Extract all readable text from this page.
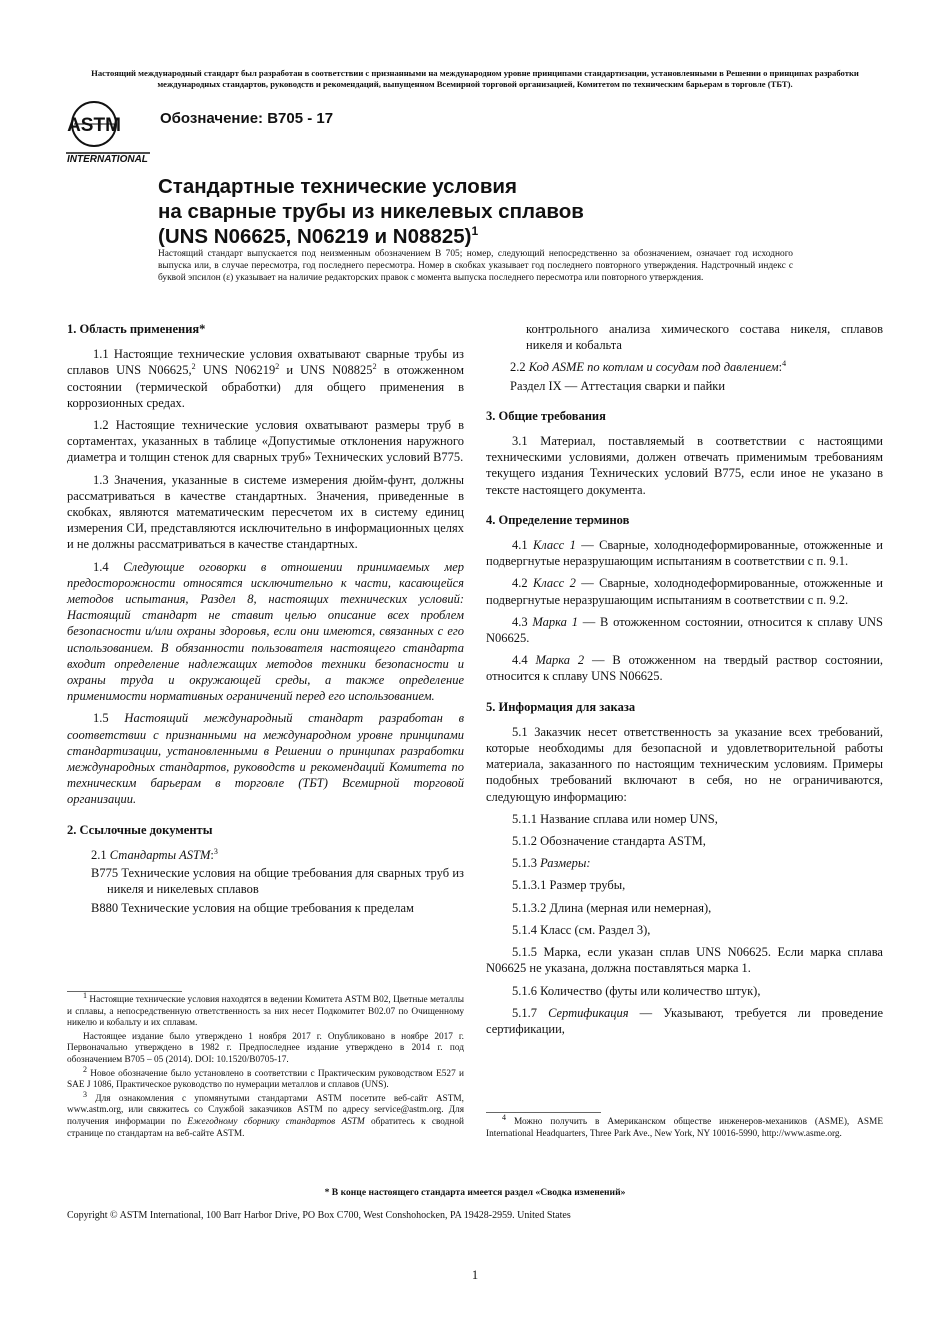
Настоящий международный стандарт был разработан в соответствии с признанными на международном уровне принципами стандартизации, установленными в Решении о принципах разработки международных стандартов, руководств и рекомендаций, выпущенном Всемирной торговой организацией, Комитетом по техническим барьерам в торговле (ТБТ).
ASTM
INTERNATIONAL
Обозначение: B705 - 17
Стандартные технические условия
на сварные трубы из никелевых сплавов
(UNS N06625, N06219 и N08825)$^1$
Настоящий стандарт выпускается под неизменным обозначением B 705; номер, следующий непосредственно за обозначением, означает год исходного выпуска или, в случае пересмотра, год последнего пересмотра. Номер в скобках указывает год последнего повторного утверждения. Надстрочный индекс с буквой эпсилон (ε) указывает на наличие редакторских правок с момента выпуска последнего пересмотра или повторного утверждения.
1. Область применения*

1.1 Настоящие технические условия охватывают сварные трубы из сплавов UNS N06625,$^2$ UNS N06219$^2$ и UNS N08825$^2$ в отожженном состоянии (термической обработки) для общего применения в коррозионных средах.

1.2 Настоящие технические условия охватывают размеры труб в сортаментах, указанных в таблице «Допустимые отклонения наружного диаметра и толщин стенок для сварных труб» Технических условий B775.

1.3 Значения, указанные в системе измерения дюйм-фунт, должны рассматриваться в качестве стандартных. Значения, приведенные в скобках, являются математическим пересчетом их в систему единиц измерения СИ, представляются исключительно в информационных целях и не должны рассматриваться в качестве стандартных.

1.4 Следующие оговорки в отношении принимаемых мер предосторожности относятся исключительно к части, касающейся методов испытания, Раздел 8, настоящих технических условий: Настоящий стандарт не ставит целью описание всех проблем безопасности и/или охраны здоровья, если они имеются, связанных с его использованием. В обязанности пользователя настоящего стандарта входит определение надлежащих методов техники безопасности и охраны труда и окружающей среды, а также определение применимости нормативных ограничений перед его использованием.

1.5 Настоящий международный стандарт разработан в соответствии с признанными на международном уровне принципами стандартизации, установленными в Решении о принципах разработки международных стандартов, руководств и рекомендаций Комитета по техническим барьерам в торговле (ТБТ) Всемирной торговой организации.

2. Ссылочные документы

2.1 Стандарты ASTM:$^3$

B775 Технические условия на общие требования для сварных труб из никеля и никелевых сплавов

B880 Технические условия на общие требования к пределам

$^1$ Настоящие технические условия находятся в ведении Комитета ASTM B02, Цветные металлы и сплавы, а непосредственную ответственность за них несет Подкомитет B02.07 по Очищенному никелю и кобальту и их сплавам.

Настоящее издание было утверждено 1 ноября 2017 г. Опубликовано в ноябре 2017 г. Первоначально утверждено в 1982 г. Предпоследнее издание утверждено в 2014 г. под обозначением B705 – 05 (2014). DOI: 10.1520/B0705-17.

$^2$ Новое обозначение было установлено в соответствии с Практическим руководством E527 и SAE J 1086, Практическое руководство по нумерации металлов и сплавов (UNS).

$^3$ Для ознакомления с упомянутыми стандартами ASTM посетите веб-сайт ASTM, www.astm.org, или свяжитесь со Службой заказчиков ASTM по адресу service@astm.org. Для получения информации по Ежегодному сборнику стандартов ASTM обратитесь к сводной странице по стандартам на веб-сайте ASTM.

контрольного анализа химического состава никеля, сплавов никеля и кобальта

2.2 Код ASME по котлам и сосудам под давлением:$^4$

Раздел IX — Аттестация сварки и пайки

3. Общие требования

3.1 Материал, поставляемый в соответствии с настоящими техническими условиями, должен отвечать применимым требованиям текущего издания Технических условий B775, если иное не указано в тексте настоящего документа.

4. Определение терминов

4.1 Класс 1 — Сварные, холоднодеформированные, отожженные и подвергнутые неразрушающим испытаниям в соответствии с п. 9.1.

4.2 Класс 2 — Сварные, холоднодеформированные, отожженные и подвергнутые неразрушающим испытаниям в соответствии с п. 9.2.

4.3 Марка 1 — В отожженном состоянии, относится к сплаву UNS N06625.

4.4 Марка 2 — В отожженном на твердый раствор состоянии, относится к сплаву UNS N06625.

5. Информация для заказа

5.1 Заказчик несет ответственность за указание всех требований, которые необходимы для безопасной и удовлетворительной работы материала, заказанного по настоящим техническим условиям. Примеры подобных требований включают в себя, но не ограничиваются, следующую информацию:

5.1.1 Название сплава или номер UNS,

5.1.2 Обозначение стандарта ASTM,

5.1.3 Размеры:

5.1.3.1 Размер трубы,

5.1.3.2 Длина (мерная или немерная),

5.1.4 Класс (см. Раздел 3),

5.1.5 Марка, если указан сплав UNS N06625. Если марка сплава N06625 не указана, должна поставляться марка 1.

5.1.6 Количество (футы или количество штук),

5.1.7 Сертификация — Указывают, требуется ли проведение сертификации,

$^4$ Можно получить в Американском обществе инженеров-механиков (ASME), ASME International Headquarters, Three Park Ave., New York, NY 10016-5990, http://www.asme.org.

* В конце настоящего стандарта имеется раздел «Сводка изменений»
Copyright © ASTM International, 100 Barr Harbor Drive, PO Box C700, West Conshohocken, PA 19428-2959. United States
1
